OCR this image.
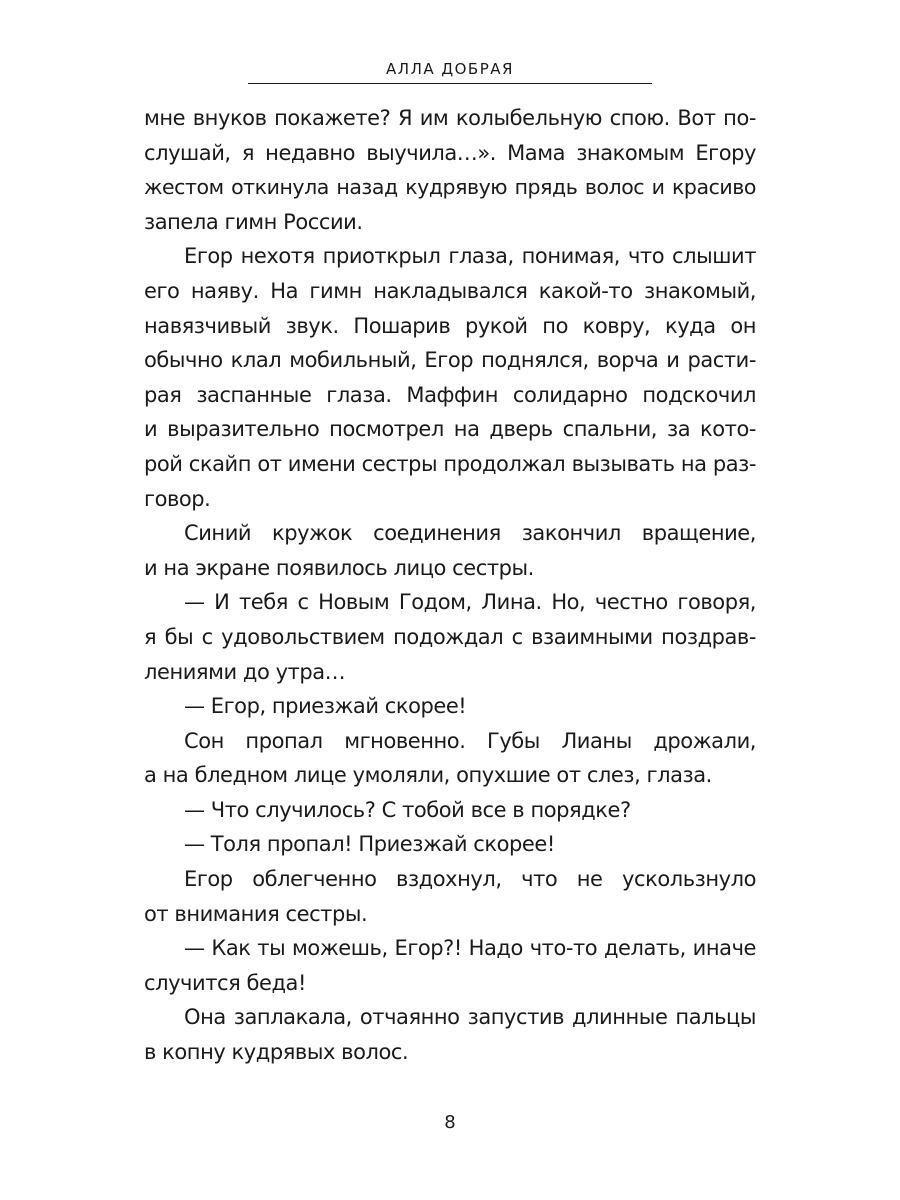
АЛЛА ДОБРАЯ
мне внуков покажете? Я им колыбельную спою. Вот по-
слушай, я недавно выучила…». Мама знакомым Егору
жестом откинула назад кудрявую прядь волос и красиво
запела гимн России.
Егор нехотя приоткрыл глаза, понимая, что слышит
его наяву. На гимн накладывался какой-то знакомый,
навязчивый звук. Пошарив рукой по ковру, куда он
обычно клал мобильный, Егор поднялся, ворча и расти-
рая заспанные глаза. Маффин солидарно подскочил
и выразительно посмотрел на дверь спальни, за кото-
рой скайп от имени сестры продолжал вызывать на раз-
говор.
Синий кружок соединения закончил вращение,
и на экране появилось лицо сестры.
— И тебя с Новым Годом, Лина. Но, честно говоря,
я бы с удовольствием подождал с взаимными поздрав-
лениями до утра…
— Егор, приезжай скорее!
Сон пропал мгновенно. Губы Лианы дрожали,
а на бледном лице умоляли, опухшие от слез, глаза.
— Что случилось? С тобой все в порядке?
— Толя пропал! Приезжай скорее!
Егор облегченно вздохнул, что не ускользнуло
от внимания сестры.
— Как ты можешь, Егор?! Надо что-то делать, иначе
случится беда!
Она заплакала, отчаянно запустив длинные пальцы
в копну кудрявых волос.
8
